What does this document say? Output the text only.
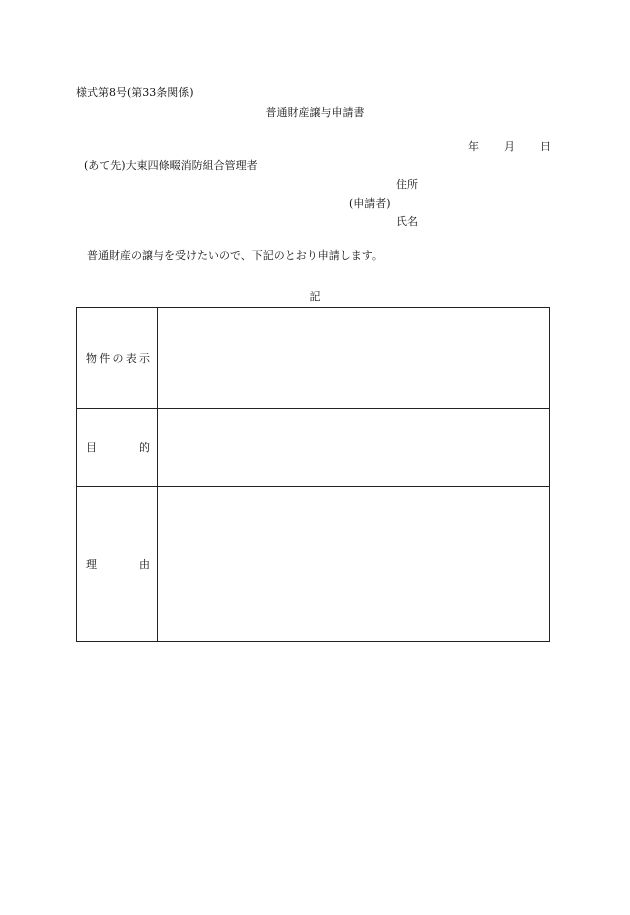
様式第8号(第33条関係)
普通財産譲与申請書
年 月 日
(あて先)大東四條畷消防組合管理者
住所
(申請者)
氏名
普通財産の譲与を受けたいので、下記のとおり申請します。
記
物 件 の 表 示	

目 的	

理 由	
